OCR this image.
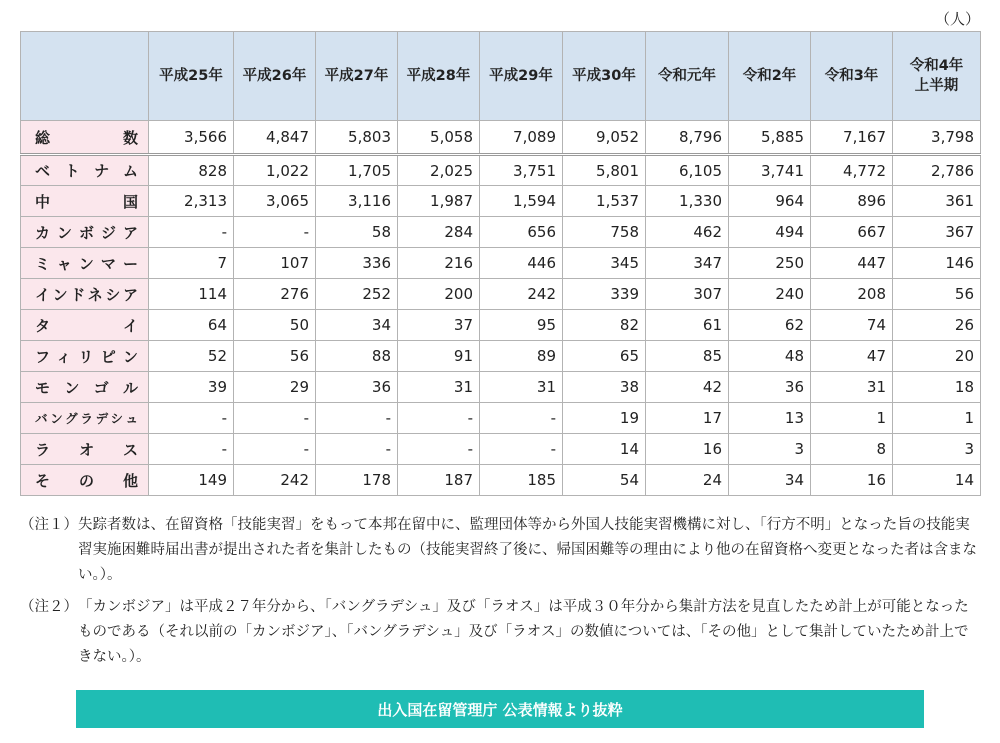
（人）
	平成25年	平成26年	平成27年	平成28年	平成29年	平成30年	令和元年	令和2年	令和3年	令和4年
上半期
総数	3,566	4,847	5,803	5,058	7,089	9,052	8,796	5,885	7,167	3,798
ベトナム	828	1,022	1,705	2,025	3,751	5,801	6,105	3,741	4,772	2,786
中国	2,313	3,065	3,116	1,987	1,594	1,537	1,330	964	896	361
カンボジア	-	-	58	284	656	758	462	494	667	367
ミャンマー	7	107	336	216	446	345	347	250	447	146
インドネシア	114	276	252	200	242	339	307	240	208	56
タイ	64	50	34	37	95	82	61	62	74	26
フィリピン	52	56	88	91	89	65	85	48	47	20
モンゴル	39	29	36	31	31	38	42	36	31	18
バングラデシュ	-	-	-	-	-	19	17	13	1	1
ラオス	-	-	-	-	-	14	16	3	8	3
その他	149	242	178	187	185	54	24	34	16	14
（注１） 失踪者数は、在留資格「技能実習」をもって本邦在留中に、監理団体等から外国人技能実習機構に対し、「行方不明」となった旨の技能実習実施困難時届出書が提出された者を集計したもの（技能実習終了後に、帰国困難等の理由により他の在留資格へ変更となった者は含まない。）。
（注２） 「カンボジア」は平成２７年分から、「バングラデシュ」及び「ラオス」は平成３０年分から集計方法を見直したため計上が可能となったものである（それ以前の「カンボジア」、「バングラデシュ」及び「ラオス」の数値については、「その他」として集計していたため計上できない。）。
出入国在留管理庁 公表情報より抜粋
